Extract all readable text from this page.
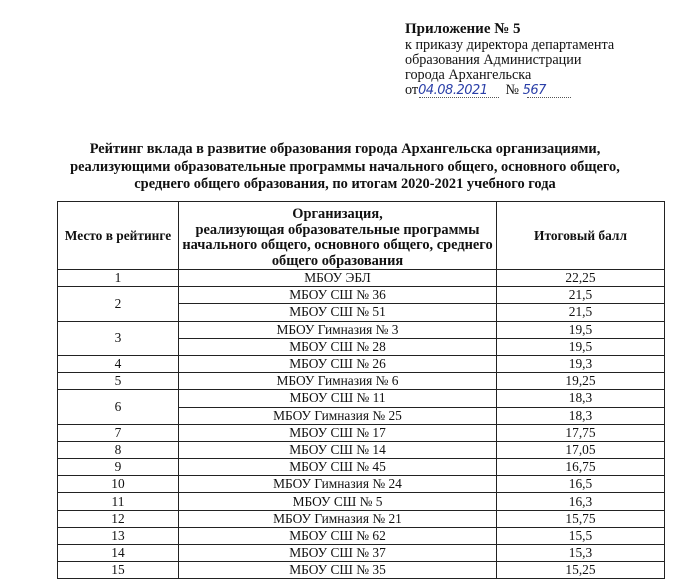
Приложение № 5
к приказу директора департамента
образования Администрации
города Архангельска
от04.08.2021 № 567
Рейтинг вклада в развитие образования города Архангельска организациями,
реализующими образовательные программы начального общего, основного общего,
среднего общего образования, по итогам 2020-2021 учебного года
Место в рейтинге	Организация,
реализующая образовательные программы
начального общего, основного общего, среднего
общего образования	Итоговый балл
1	МБОУ ЭБЛ	22,25
2	МБОУ СШ № 36	21,5
	МБОУ СШ № 51	21,5
3	МБОУ Гимназия № 3	19,5
	МБОУ СШ № 28	19,5
4	МБОУ СШ № 26	19,3
5	МБОУ Гимназия № 6	19,25
6	МБОУ СШ № 11	18,3
	МБОУ Гимназия № 25	18,3
7	МБОУ СШ № 17	17,75
8	МБОУ СШ № 14	17,05
9	МБОУ СШ № 45	16,75
10	МБОУ Гимназия № 24	16,5
11	МБОУ СШ № 5	16,3
12	МБОУ Гимназия № 21	15,75
13	МБОУ СШ № 62	15,5
14	МБОУ СШ № 37	15,3
15	МБОУ СШ № 35	15,25
